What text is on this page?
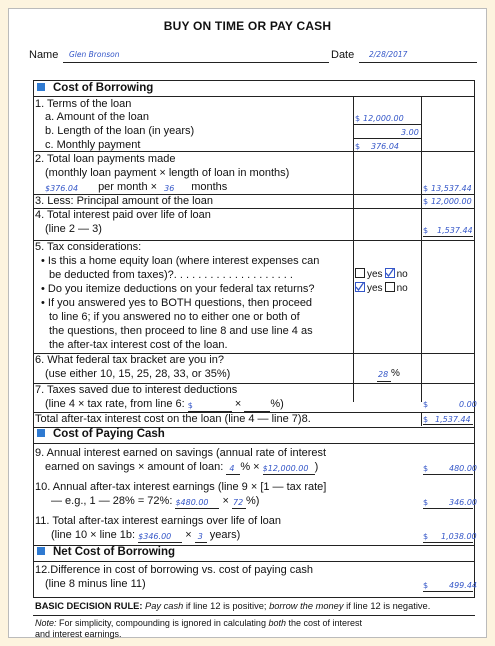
BUY ON TIME OR PAY CASH
Name Glen Bronson	Date 2/28/2017
Cost of Borrowing
1. Terms of the loan
a. Amount of the loan	$ 12,000.00
b. Length of the loan (in years)	3.00
c. Monthly payment	$ 376.04
2. Total loan payments made
(monthly loan payment × length of loan in months)
$376.04 per month × 36 months	$ 13,537.44
3. Less: Principal amount of the loan	$ 12,000.00
4. Total interest paid over life of loan
(line 2 — 3)	$ 1,537.44
5. Tax considerations:
• Is this a home equity loan (where interest expenses can
be deducted from taxes)?. . . . . . . . . . . . . . . . . . . .	yes no
• Do you itemize deductions on your federal tax returns?	yes no
• If you answered yes to BOTH questions, then proceed
to line 6; if you answered no to either one or both of
the questions, then proceed to line 8 and use line 4 as
the after-tax interest cost of the loan.
6. What federal tax bracket are you in?
(use either 10, 15, 25, 28, 33, or 35%)	28 %
7. Taxes saved due to interest deductions
(line 4 × tax rate, from line 6: $	×	%)	$	0.00
Total after-tax interest cost on the loan (line 4 — line 7)8.	$ 1,537.44
Cost of Paying Cash
9. Annual interest earned on savings (annual rate of interest
earned on savings × amount of loan: 4 % × $12,000.00 )	$	480.00
10. Annual after-tax interest earnings (line 9 × [1 — tax rate]
— e.g., 1 — 28% = 72%: $480.00 × 72 %)	$	346.00
11. Total after-tax interest earnings over life of loan
(line 10 × line 1b: $346.00 × 3 years)	$ 1,038.00
Net Cost of Borrowing
12.Difference in cost of borrowing vs. cost of paying cash
(line 8 minus line 11)	$	499.44
BASIC DECISION RULE: Pay cash if line 12 is positive; borrow the money if line 12 is negative.
Note: For simplicity, compounding is ignored in calculating both the cost of interest
and interest earnings.
